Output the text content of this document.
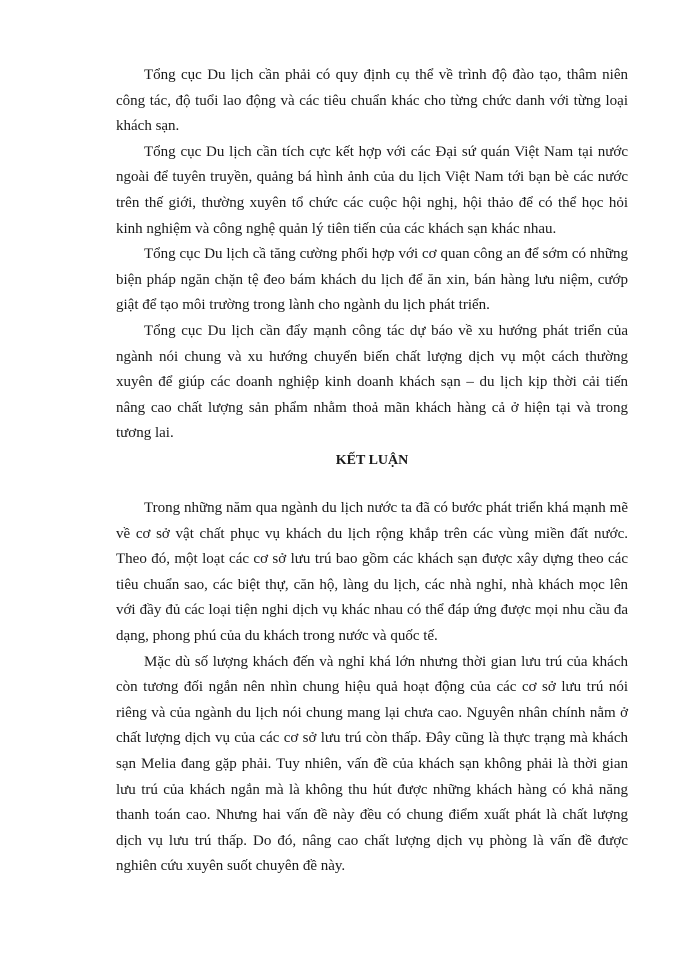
Tổng cục Du lịch cần phải có quy định cụ thể về trình độ đào tạo, thâm niên công tác, độ tuổi lao động và các tiêu chuẩn khác cho từng chức danh với từng loại khách sạn.

Tổng cục Du lịch cần tích cực kết hợp với các Đại sứ quán Việt Nam tại nước ngoài để tuyên truyền, quảng bá hình ảnh của du lịch Việt Nam tới bạn bè các nước trên thế giới, thường xuyên tổ chức các cuộc hội nghị, hội thảo để có thể học hỏi kinh nghiệm và công nghệ quản lý tiên tiến của các khách sạn khác nhau.

Tổng cục Du lịch cầ tăng cường phối hợp với cơ quan công an để sớm có những biện pháp ngăn chặn tệ đeo bám khách du lịch để ăn xin, bán hàng lưu niệm, cướp giật để tạo môi trường trong lành cho ngành du lịch phát triển.

Tổng cục Du lịch cần đẩy mạnh công tác dự báo về xu hướng phát triển của ngành nói chung và xu hướng chuyển biến chất lượng dịch vụ một cách thường xuyên để giúp các doanh nghiệp kinh doanh khách sạn – du lịch kịp thời cải tiến nâng cao chất lượng sản phẩm nhằm thoả mãn khách hàng cả ở hiện tại và trong tương lai.

KẾT LUẬN

Trong những năm qua ngành du lịch nước ta đã có bước phát triển khá mạnh mẽ về cơ sở vật chất phục vụ khách du lịch rộng khắp trên các vùng miền đất nước. Theo đó, một loạt các cơ sở lưu trú bao gồm các khách sạn được xây dựng theo các tiêu chuẩn sao, các biệt thự, căn hộ, làng du lịch, các nhà nghỉ, nhà khách mọc lên với đầy đủ các loại tiện nghi dịch vụ khác nhau có thể đáp ứng được mọi nhu cầu đa dạng, phong phú của du khách trong nước và quốc tế.

Mặc dù số lượng khách đến và nghỉ khá lớn nhưng thời gian lưu trú của khách còn tương đối ngắn nên nhìn chung hiệu quả hoạt động của các cơ sở lưu trú nói riêng và của ngành du lịch nói chung mang lại chưa cao. Nguyên nhân chính nằm ở chất lượng dịch vụ của các cơ sở lưu trú còn thấp. Đây cũng là thực trạng mà khách sạn Melia đang gặp phải. Tuy nhiên, vấn đề của khách sạn không phải là thời gian lưu trú của khách ngắn mà là không thu hút được những khách hàng có khả năng thanh toán cao. Nhưng hai vấn đề này đều có chung điểm xuất phát là chất lượng dịch vụ lưu trú thấp. Do đó, nâng cao chất lượng dịch vụ phòng là vấn đề được nghiên cứu xuyên suốt chuyên đề này.
